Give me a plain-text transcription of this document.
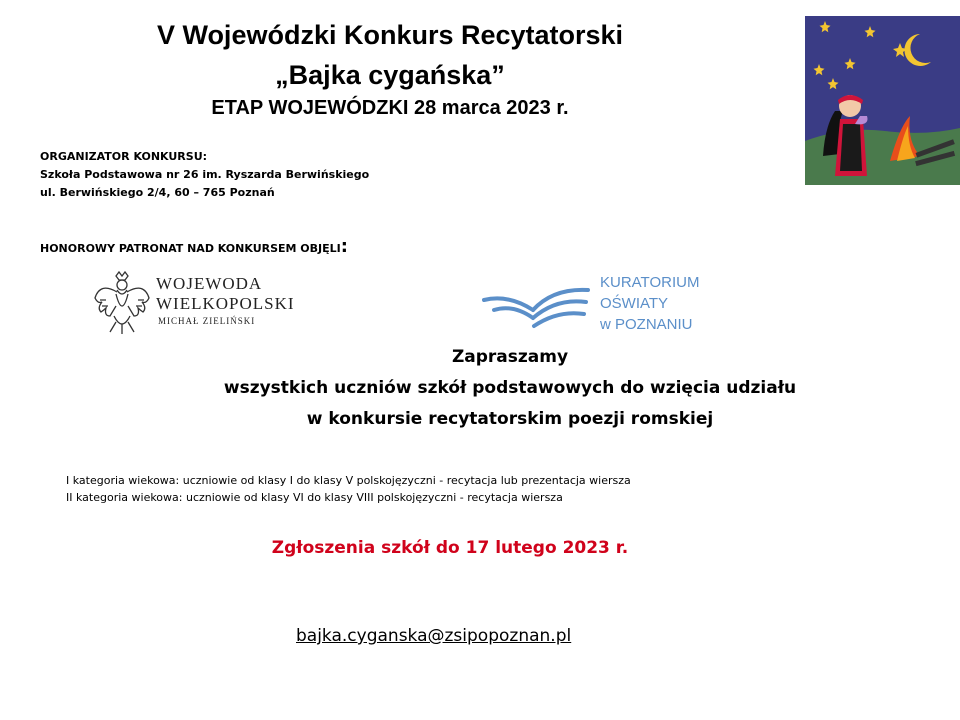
V Wojewódzki Konkurs Recytatorski
„Bajka cygańska”
ETAP WOJEWÓDZKI 28 marca 2023 r.
ORGANIZATOR KONKURSU:
Szkoła Podstawowa nr 26 im. Ryszarda Berwińskiego
ul. Berwińskiego 2/4, 60 – 765 Poznań
HONOROWY PATRONAT NAD KONKURSEM OBJĘLI:
WOJEWODA
WIELKOPOLSKI
MICHAŁ ZIELIŃSKI
KURATORIUM
OŚWIATY
w POZNANIU
Zapraszamy
wszystkich uczniów szkół podstawowych do wzięcia udziału
w konkursie recytatorskim poezji romskiej
I kategoria wiekowa: uczniowie od klasy I do klasy V polskojęzyczni - recytacja lub prezentacja wiersza
II kategoria wiekowa: uczniowie od klasy VI do klasy VIII polskojęzyczni - recytacja wiersza
Zgłoszenia szkół do 17 lutego 2023 r.
bajka.cyganska@zsipopoznan.pl
